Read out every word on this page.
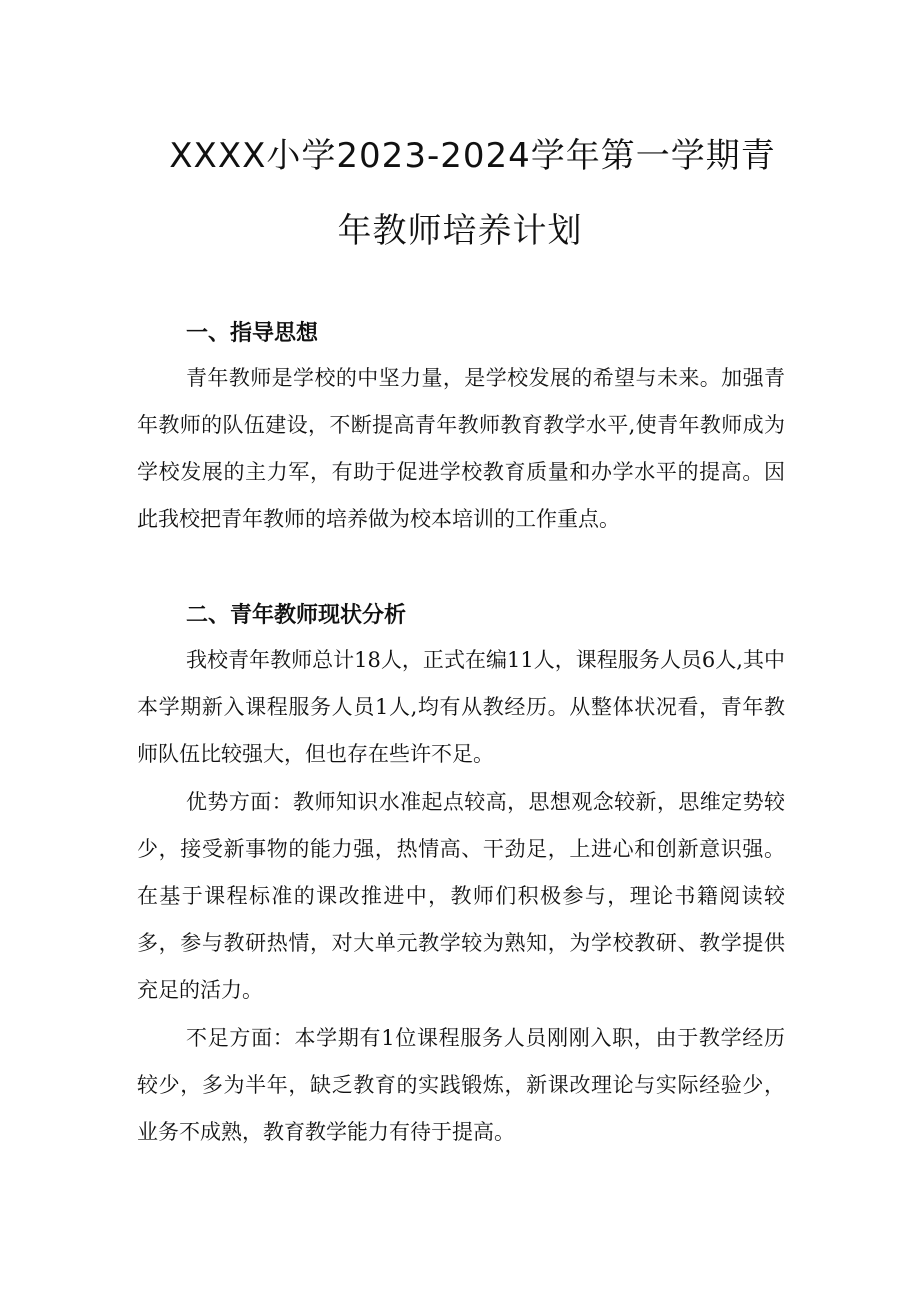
XXXX小学2023-2024学年第一学期青
年教师培养计划
一、指导思想

青年教师是学校的中坚力量，是学校发展的希望与未来。加强青年教师的队伍建设，不断提高青年教师教育教学水平,使青年教师成为学校发展的主力军，有助于促进学校教育质量和办学水平的提高。因此我校把青年教师的培养做为校本培训的工作重点。

二、青年教师现状分析

我校青年教师总计18人，正式在编11人，课程服务人员6人,其中本学期新入课程服务人员1人,均有从教经历。从整体状况看，青年教师队伍比较强大，但也存在些许不足。

优势方面：教师知识水准起点较高，思想观念较新，思维定势较少，接受新事物的能力强，热情高、干劲足，上进心和创新意识强。在基于课程标准的课改推进中，教师们积极参与，理论书籍阅读较多，参与教研热情，对大单元教学较为熟知，为学校教研、教学提供充足的活力。

不足方面：本学期有1位课程服务人员刚刚入职，由于教学经历较少，多为半年，缺乏教育的实践锻炼，新课改理论与实际经验少，业务不成熟，教育教学能力有待于提高。
